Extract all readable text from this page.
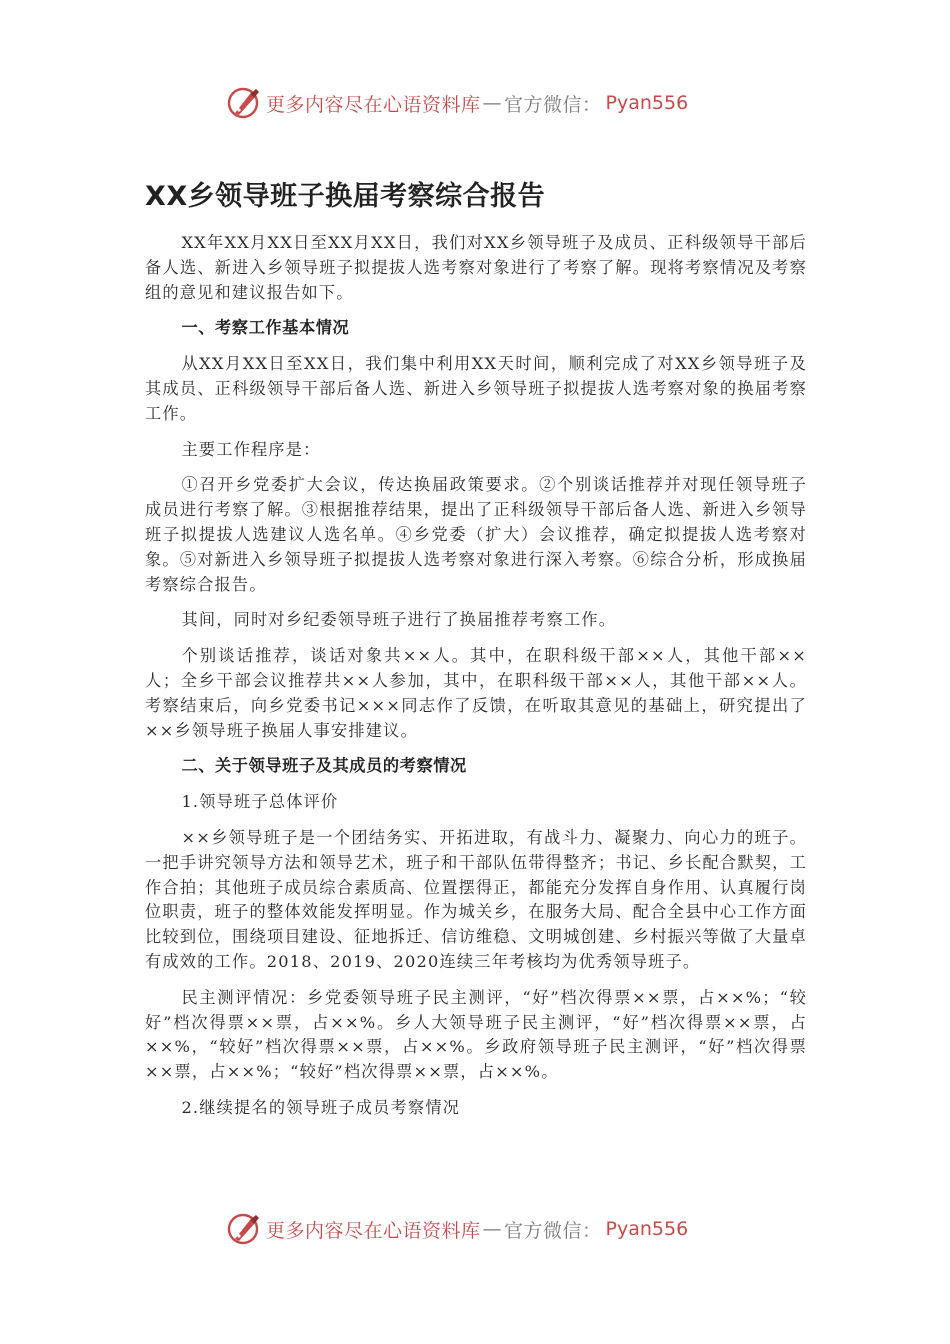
更多内容尽在心语资料库 — 官方微信： Pyan556
XX乡领导班子换届考察综合报告

XX年XX月XX日至XX月XX日，我们对XX乡领导班子及成员、正科级领导干部后备人选、新进入乡领导班子拟提拔人选考察对象进行了考察了解。现将考察情况及考察组的意见和建议报告如下。

一、考察工作基本情况

从XX月XX日至XX日，我们集中利用XX天时间，顺利完成了对XX乡领导班子及其成员、正科级领导干部后备人选、新进入乡领导班子拟提拔人选考察对象的换届考察工作。

主要工作程序是：

①召开乡党委扩大会议，传达换届政策要求。②个别谈话推荐并对现任领导班子成员进行考察了解。③根据推荐结果，提出了正科级领导干部后备人选、新进入乡领导班子拟提拔人选建议人选名单。④乡党委（扩大）会议推荐，确定拟提拔人选考察对象。⑤对新进入乡领导班子拟提拔人选考察对象进行深入考察。⑥综合分析，形成换届考察综合报告。

其间，同时对乡纪委领导班子进行了换届推荐考察工作。

个别谈话推荐，谈话对象共××人。其中，在职科级干部××人，其他干部××人；全乡干部会议推荐共××人参加，其中，在职科级干部××人，其他干部××人。考察结束后，向乡党委书记×××同志作了反馈，在听取其意见的基础上，研究提出了××乡领导班子换届人事安排建议。

二、关于领导班子及其成员的考察情况

1.领导班子总体评价

××乡领导班子是一个团结务实、开拓进取，有战斗力、凝聚力、向心力的班子。一把手讲究领导方法和领导艺术，班子和干部队伍带得整齐；书记、乡长配合默契，工作合拍；其他班子成员综合素质高、位置摆得正，都能充分发挥自身作用、认真履行岗位职责，班子的整体效能发挥明显。作为城关乡，在服务大局、配合全县中心工作方面比较到位，围绕项目建设、征地拆迁、信访维稳、文明城创建、乡村振兴等做了大量卓有成效的工作。2018、2019、2020连续三年考核均为优秀领导班子。

民主测评情况：乡党委领导班子民主测评，“好”档次得票××票，占××%；“较好”档次得票××票，占××%。乡人大领导班子民主测评，“好”档次得票××票，占××%，“较好”档次得票××票，占××%。乡政府领导班子民主测评，“好”档次得票××票，占××%；“较好”档次得票××票，占××%。

2.继续提名的领导班子成员考察情况

更多内容尽在心语资料库 — 官方微信： Pyan556
